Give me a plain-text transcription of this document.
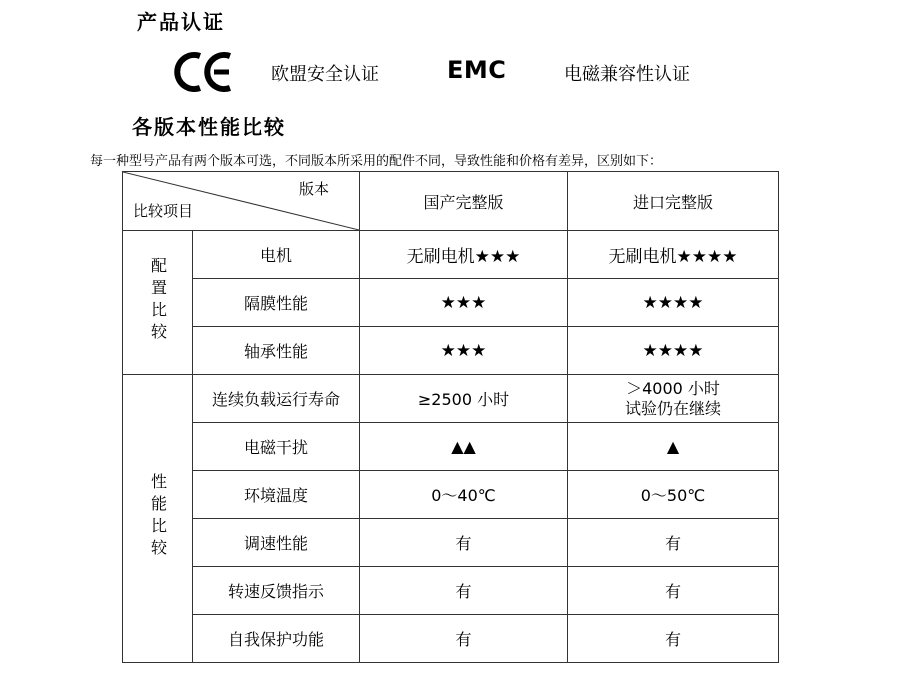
产品认证
欧盟安全认证	EMC	电磁兼容性认证
各版本性能比较
每一种型号产品有两个版本可选，不同版本所采用的配件不同，导致性能和价格有差异，区别如下：
版本
比较项目		国产完整版	进口完整版
配置比较	电机	无刷电机★★★	无刷电机★★★★
	隔膜性能	★★★	★★★★
	轴承性能	★★★	★★★★
性能比较	连续负载运行寿命	≥2500 小时	＞4000 小时
试验仍在继续

	电磁干扰	▲▲	▲
	环境温度	0～40℃	0～50℃
	调速性能	有	有
	转速反馈指示	有	有
	自我保护功能	有	有
